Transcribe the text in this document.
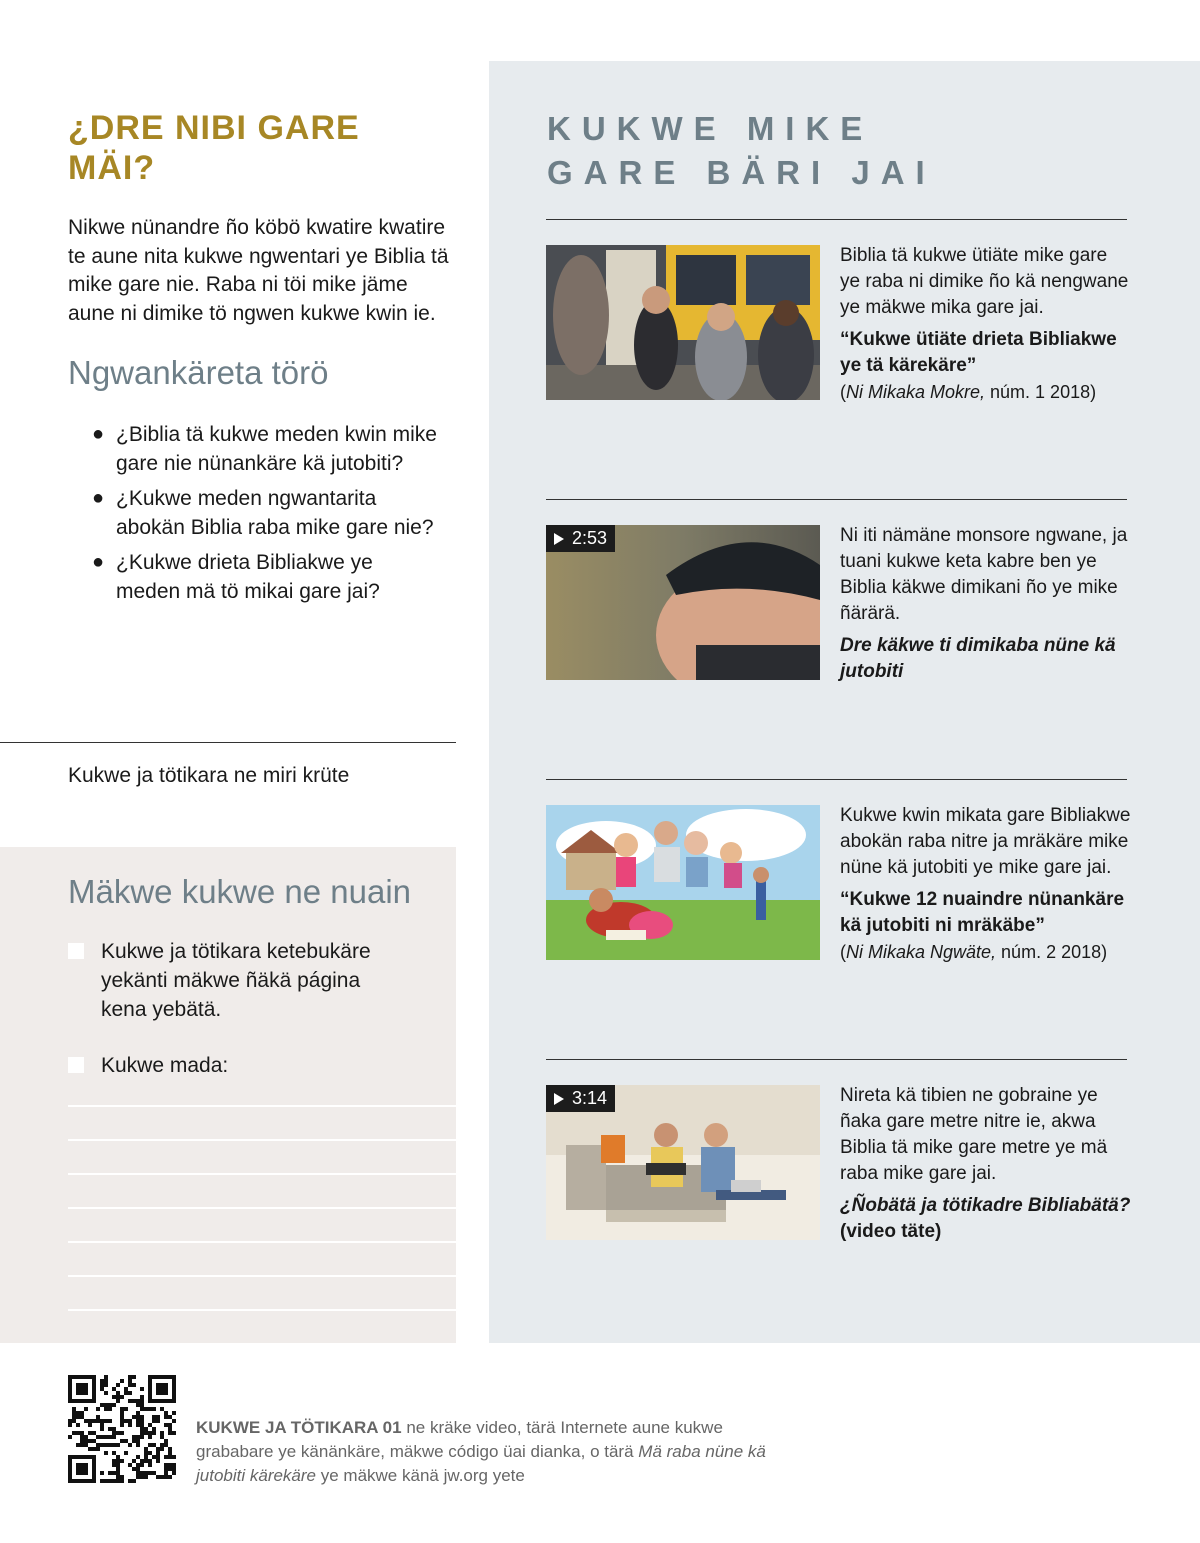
¿DRE NIBI GARE MÄI?

Nikwe nünandre ño köbö kwatire kwatire te aune nita kukwe ngwentari ye Biblia tä mike gare nie. Raba ni töi mike jäme aune ni dimike tö ngwen kukwe kwin ie.

Ngwankäreta törö
● ¿Biblia tä kukwe meden kwin mike gare nie nünankäre kä jutobiti?
● ¿Kukwe meden ngwantarita abokän Biblia raba mike gare nie?
● ¿Kukwe drieta Bibliakwe ye meden mä tö mikai gare jai?
Kukwe ja tötikara ne miri krüte
Mäkwe kukwe ne nuain
Kukwe ja tötikara ketebukäre yekänti mäkwe ñäkä página kena yebätä.
Kukwe mada:
KUKWE MIKE
GARE BÄRI JAI

Biblia tä kukwe ütiäte mike gare ye raba ni dimike ño kä nengwane ye mäkwe mika gare jai.

“Kukwe ütiäte drieta Bibliakwe ye tä kärekäre”

(Ni Mikaka Mokre, núm. 1 2018)

2:53	Ni iti nämäne monsore ngwane, ja tuani kukwe keta kabre ben ye Biblia käkwe dimikani ño ye mike ñärärä.

Dre käkwe ti dimikaba nüne kä jutobiti

Kukwe kwin mikata gare Bibliakwe abokän raba nitre ja mräkäre mike nüne kä jutobiti ye mike gare jai.

“Kukwe 12 nuaindre nünankäre kä jutobiti ni mräkäbe”

(Ni Mikaka Ngwäte, núm. 2 2018)

3:14	Nireta kä tibien ne gobraine ye ñaka gare metre nitre ie, akwa Biblia tä mike gare metre ye mä raba mike gare jai.

¿Ñobätä ja tötikadre Bibliabätä? (video täte)

KUKWE JA TÖTIKARA 01 ne kräke video, tärä Internete aune kukwe grababare ye känänkäre, mäkwe código üai dianka, o tärä Mä raba nüne kä jutobiti kärekäre ye mäkwe känä jw.org yete
